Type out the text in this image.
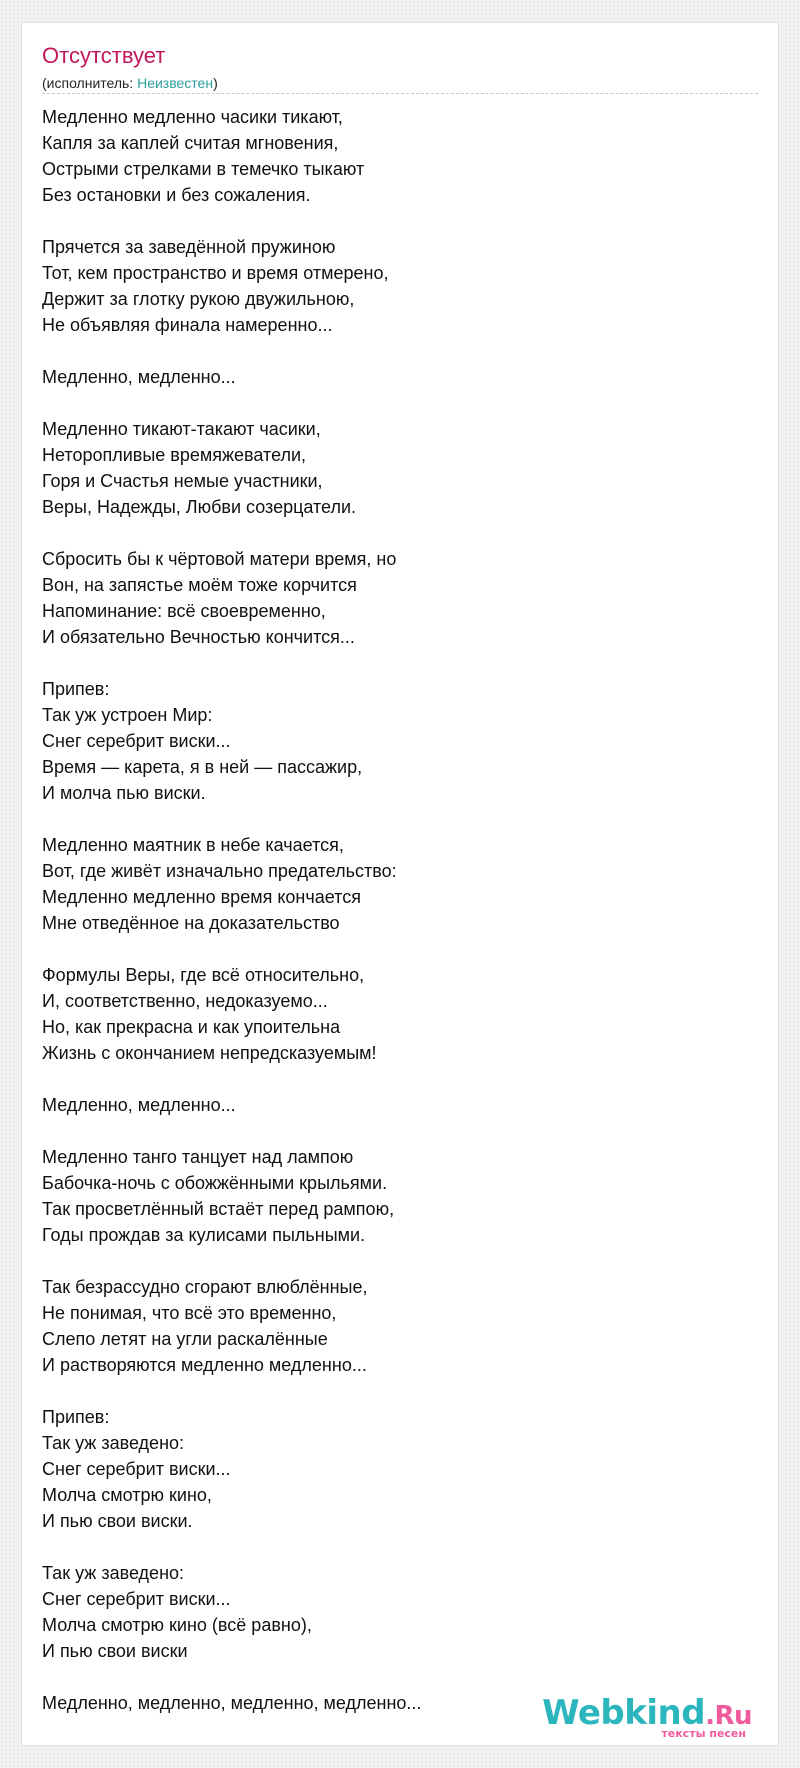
Отсутствует
(исполнитель: Неизвестен)
Медленно медленно часики тикают,
Капля за каплей считая мгновения,
Острыми стрелками в темечко тыкают
Без остановки и без сожаления.
Прячется за заведённой пружиною
Тот, кем пространство и время отмерено,
Держит за глотку рукою двужильною,
Не объявляя финала намеренно...
Медленно, медленно...
Медленно тикают-такают часики,
Неторопливые времяжеватели,
Горя и Счастья немые участники,
Веры, Надежды, Любви созерцатели.
Сбросить бы к чёртовой матери время, но
Вон, на запястье моём тоже корчится
Напоминание: всё своевременно,
И обязательно Вечностью кончится...
Припев:
Так уж устроен Мир:
Снег серебрит виски...
Время — карета, я в ней — пассажир,
И молча пью виски.
Медленно маятник в небе качается,
Вот, где живёт изначально предательство:
Медленно медленно время кончается
Мне отведённое на доказательство
Формулы Веры, где всё относительно,
И, соответственно, недоказуемо...
Но, как прекрасна и как упоительна
Жизнь с окончанием непредсказуемым!
Медленно, медленно...
Медленно танго танцует над лампою
Бабочка-ночь с обожжёнными крыльями.
Так просветлённый встаёт перед рампою,
Годы прождав за кулисами пыльными.
Так безрассудно сгорают влюблённые,
Не понимая, что всё это временно,
Слепо летят на угли раскалённые
И растворяются медленно медленно...
Припев:
Так уж заведено:
Снег серебрит виски...
Молча смотрю кино,
И пью свои виски.
Так уж заведено:
Снег серебрит виски...
Молча смотрю кино (всё равно),
И пью свои виски
Медленно, медленно, медленно, медленно...	Webkind.Ru
тексты песен
